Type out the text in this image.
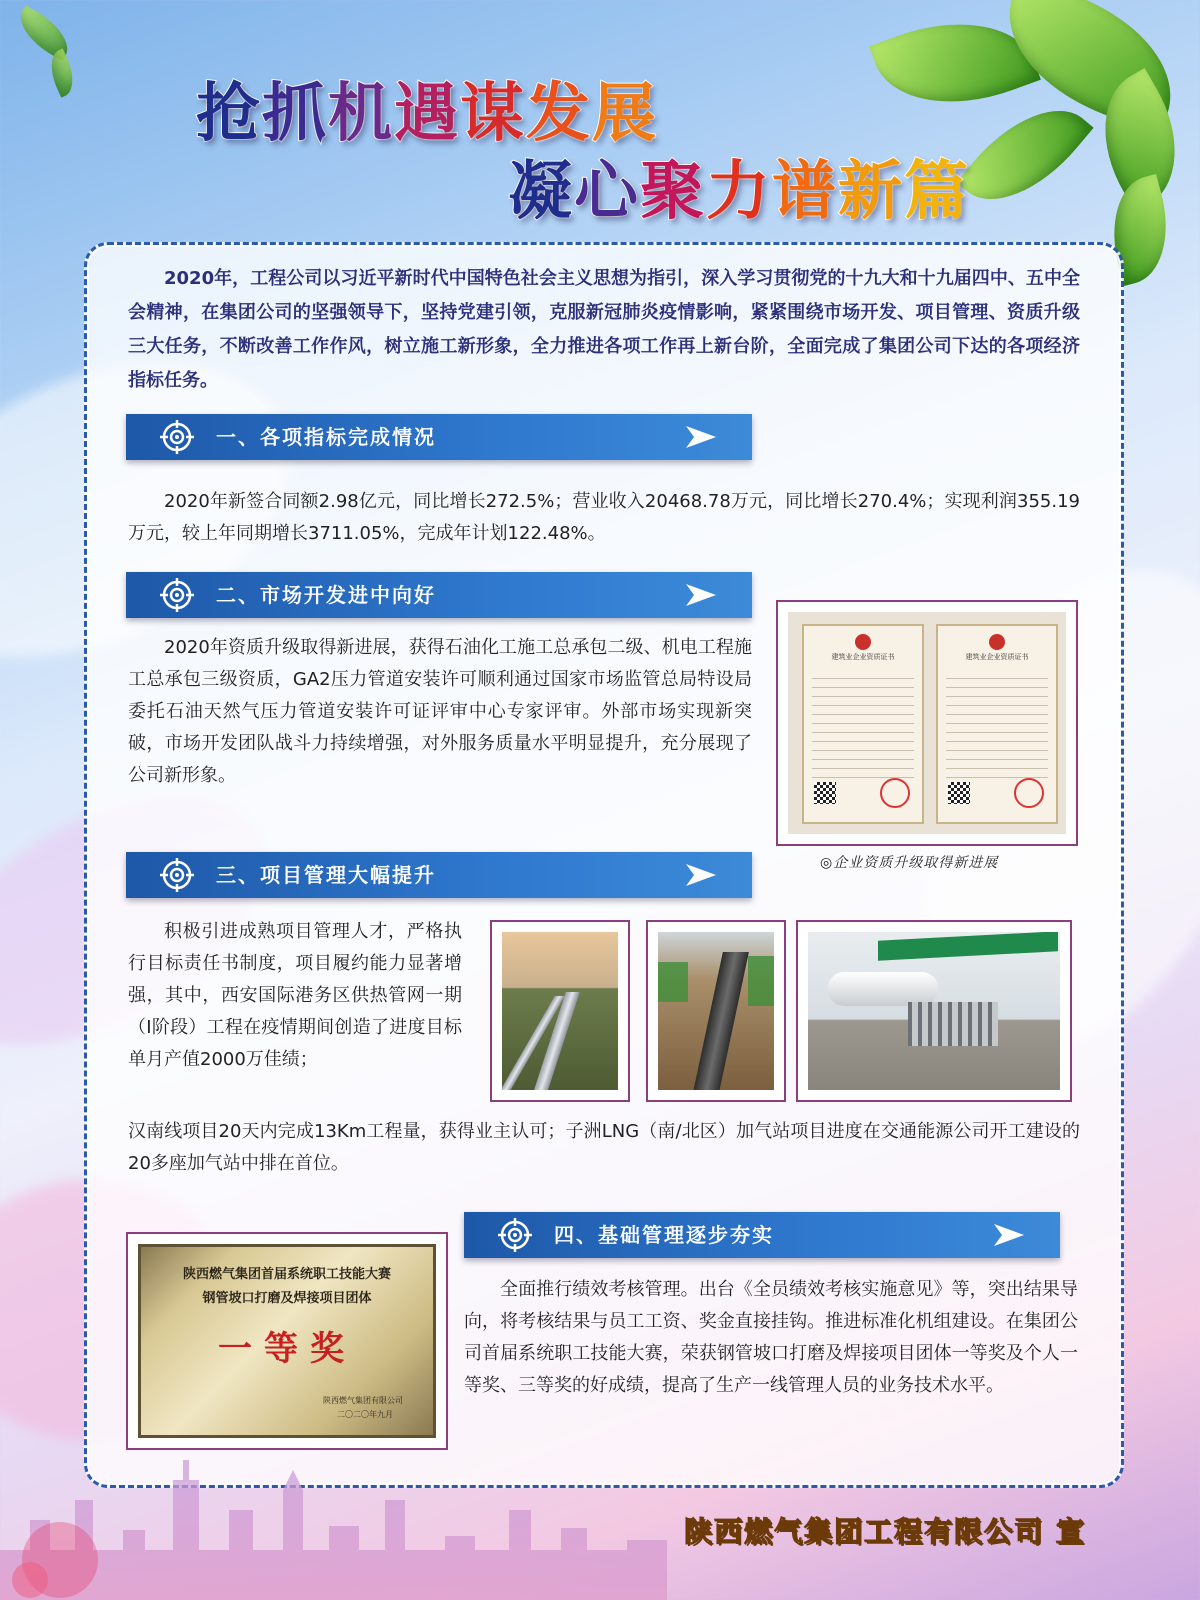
抢抓机遇谋发展
凝心聚力谱新篇
2020年，工程公司以习近平新时代中国特色社会主义思想为指引，深入学习贯彻党的十九大和十九届四中、五中全会精神，在集团公司的坚强领导下，坚持党建引领，克服新冠肺炎疫情影响，紧紧围绕市场开发、项目管理、资质升级三大任务，不断改善工作作风，树立施工新形象，全力推进各项工作再上新台阶，全面完成了集团公司下达的各项经济指标任务。
一、各项指标完成情况
2020年新签合同额2.98亿元，同比增长272.5%；营业收入20468.78万元，同比增长270.4%；实现利润355.19万元，较上年同期增长3711.05%，完成年计划122.48%。
二、市场开发进中向好
2020年资质升级取得新进展，获得石油化工施工总承包二级、机电工程施工总承包三级资质，GA2压力管道安装许可顺利通过国家市场监管总局特设局委托石油天然气压力管道安装许可证评审中心专家评审。外部市场实现新突破，市场开发团队战斗力持续增强，对外服务质量水平明显提升，充分展现了公司新形象。
建筑业企业资质证书	建筑业企业资质证书
◎企业资质升级取得新进展
三、项目管理大幅提升
积极引进成熟项目管理人才，严格执行目标责任书制度，项目履约能力显著增强，其中，西安国际港务区供热管网一期（Ⅰ阶段）工程在疫情期间创造了进度目标单月产值2000万佳绩；
汉南线项目20天内完成13Km工程量，获得业主认可；子洲LNG（南/北区）加气站项目进度在交通能源公司开工建设的20多座加气站中排在首位。
四、基础管理逐步夯实
全面推行绩效考核管理。出台《全员绩效考核实施意见》等，突出结果导向，将考核结果与员工工资、奖金直接挂钩。推进标准化机组建设。在集团公司首届系统职工技能大赛，荣获钢管坡口打磨及焊接项目团体一等奖及个人一等奖、三等奖的好成绩，提高了生产一线管理人员的业务技术水平。
陕西燃气集团首届系统职工技能大赛
钢管坡口打磨及焊接项目团体
一等奖
陕西燃气集团有限公司
二〇二〇年九月
陕西燃气集团工程有限公司 宣
